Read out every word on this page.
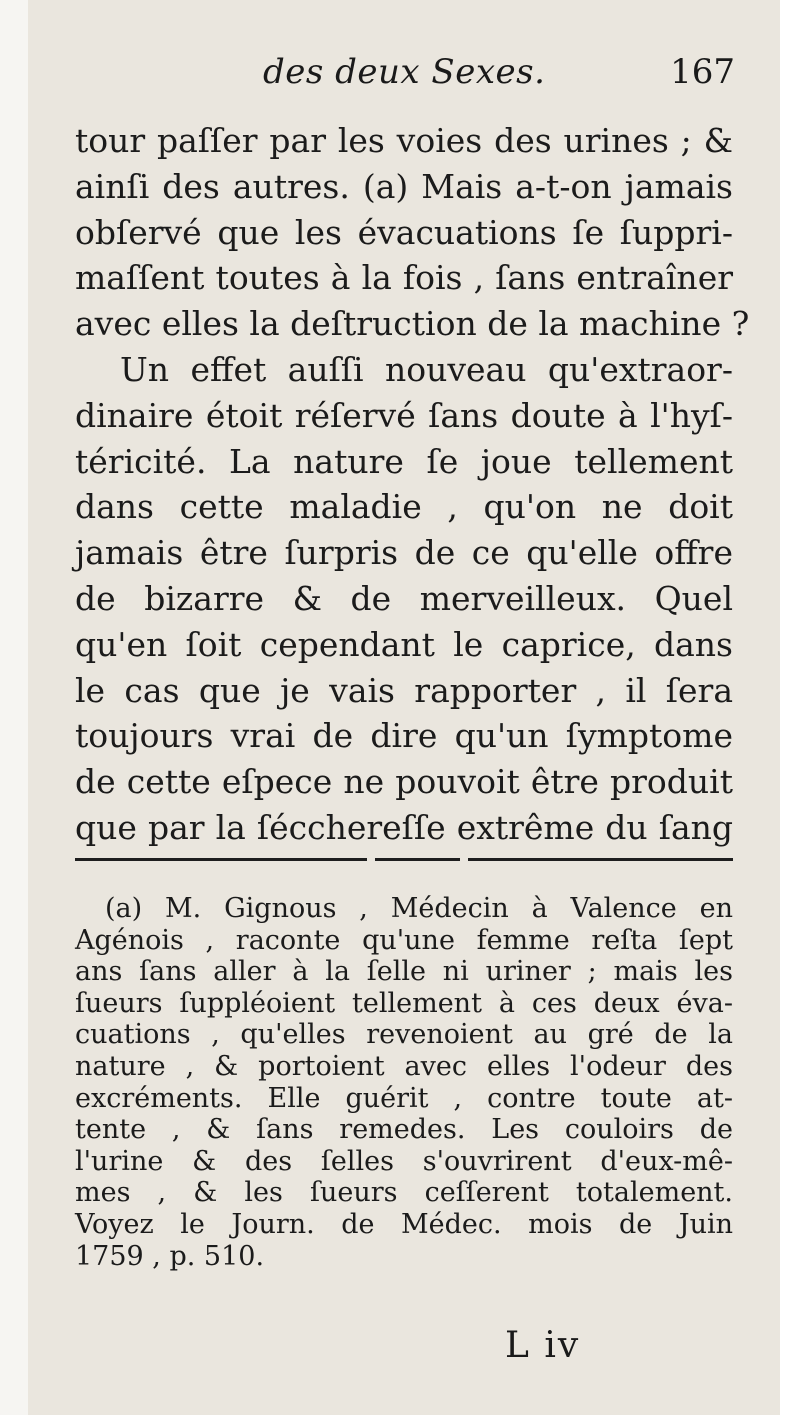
des deux Sexes.	167
tour paſſer par les voies des urines ; &
ainſi des autres. (a) Mais a-t-on jamais
obſervé que les évacuations ſe ſuppri-
maſſent toutes à la fois , ſans entraîner
avec elles la deſtruction de la machine ?
Un effet auſſi nouveau qu'extraor-
dinaire étoit réſervé ſans doute à l'hyſ-
téricité. La nature ſe joue tellement
dans cette maladie , qu'on ne doit
jamais être ſurpris de ce qu'elle offre
de bizarre & de merveilleux. Quel
qu'en ſoit cependant le caprice, dans
le cas que je vais rapporter , il ſera
toujours vrai de dire qu'un ſymptome
de cette eſpece ne pouvoit être produit
que par la ſécchereſſe extrême du ſang
(a) M. Gignous , Médecin à Valence en
Agénois , raconte qu'une femme reſta ſept
ans ſans aller à la ſelle ni uriner ; mais les
ſueurs ſuppléoient tellement à ces deux éva-
cuations , qu'elles revenoient au gré de la
nature , & portoient avec elles l'odeur des
excréments. Elle guérit , contre toute at-
tente , & ſans remedes. Les couloirs de
l'urine & des ſelles s'ouvrirent d'eux-mê-
mes , & les ſueurs ceſſerent totalement.
Voyez le Journ. de Médec. mois de Juin
1759 , p. 510.
L iv
